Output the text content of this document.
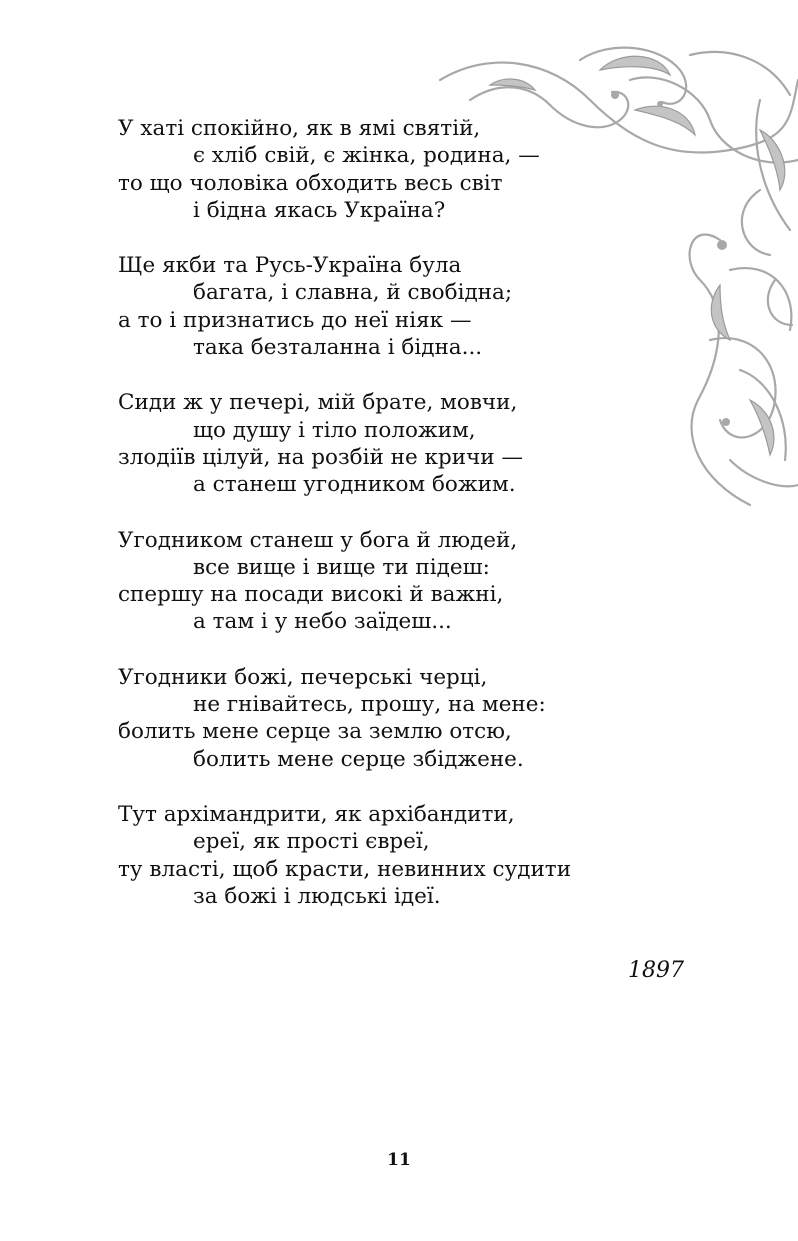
У хаті спокійно, як в ямі святій,
є хліб свій, є жінка, родина, —
то що чоловіка обходить весь світ
і бідна якась Україна?
Ще якби та Русь-Україна була
багата, і славна, й свобідна;
а то і признатись до неї ніяк —
така безталанна і бідна...
Сиди ж у печері, мій брате, мовчи,
що душу і тіло положим,
злодіїв цілуй, на розбій не кричи —
а станеш угодником божим.
Угодником станеш у бога й людей,
все вище і вище ти підеш:
спершу на посади високі й важні,
а там і у небо заїдеш...
Угодники божі, печерські черці,
не гнівайтесь, прошу, на мене:
болить мене серце за землю отсю,
болить мене серце збіджене.
Тут архімандрити, як архібандити,
ереї, як прості євреї,
ту власті, щоб красти, невинних судити
за божі і людські ідеї.
1897
11
